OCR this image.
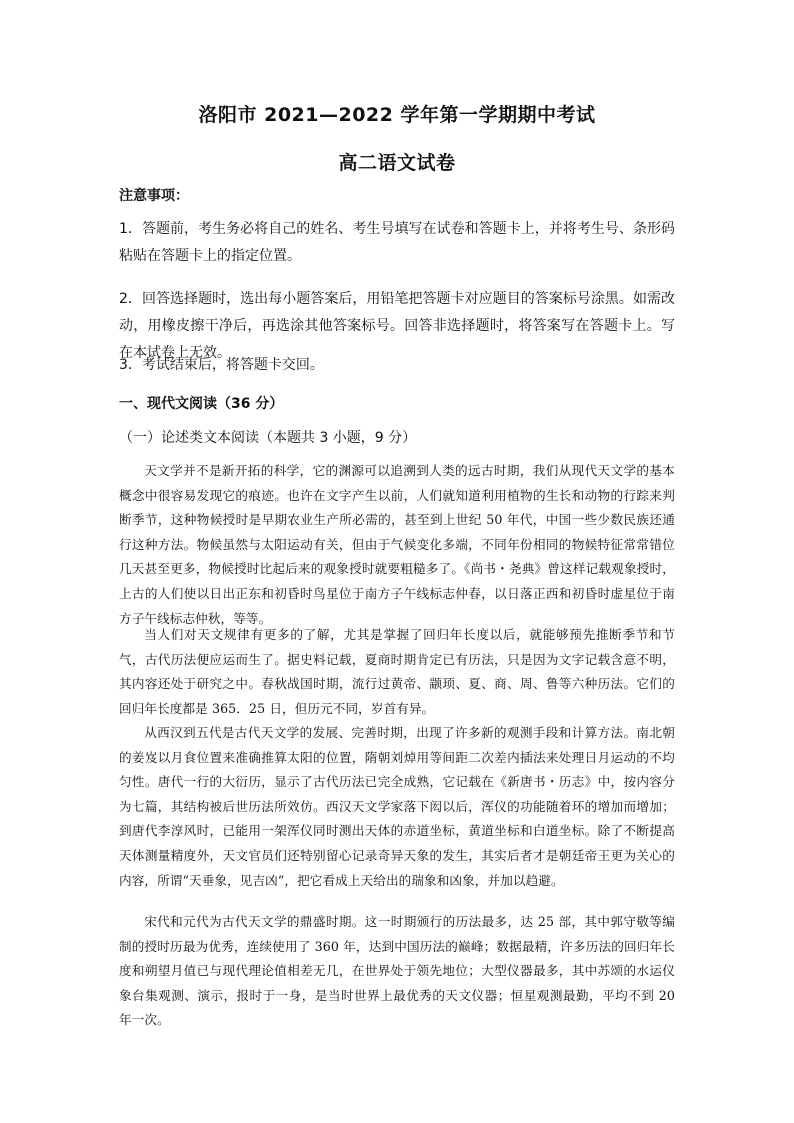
洛阳市 2021—2022 学年第一学期期中考试
高二语文试卷
注意事项：
1．答题前，考生务必将自己的姓名、考生号填写在试卷和答题卡上，并将考生号、条形码粘贴在答题卡上的指定位置。
2．回答选择题时，选出每小题答案后，用铅笔把答题卡对应题目的答案标号涂黑。如需改动，用橡皮擦干净后，再选涂其他答案标号。回答非选择题时，将答案写在答题卡上。写在本试卷上无效。
3．考试结束后，将答题卡交回。
一、现代文阅读（36 分）
（一）论述类文本阅读（本题共 3 小题，9 分）
天文学并不是新开拓的科学，它的渊源可以追溯到人类的远古时期，我们从现代天文学的基本概念中很容易发现它的痕迹。也许在文字产生以前，人们就知道利用植物的生长和动物的行踪来判断季节，这种物候授时是早期农业生产所必需的，甚至到上世纪 50 年代，中国一些少数民族还通行这种方法。物候虽然与太阳运动有关，但由于气候变化多端，不同年份相同的物候特征常常错位几天甚至更多，物候授时比起后来的观象授时就要粗糙多了。《尚书・尧典》曾这样记载观象授时，上古的人们使以日出正东和初昏时鸟星位于南方子午线标志仲春，以日落正西和初昏时虚星位于南方子午线标志仲秋，等等。
当人们对天文规律有更多的了解，尤其是掌握了回归年长度以后，就能够预先推断季节和节气，古代历法便应运而生了。据史料记载，夏商时期肯定已有历法，只是因为文字记载含意不明，其内容还处于研究之中。春秋战国时期，流行过黄帝、颛顼、夏、商、周、鲁等六种历法。它们的回归年长度都是 365．25 日，但历元不同，岁首有异。
从西汉到五代是古代天文学的发展、完善时期，出现了许多新的观测手段和计算方法。南北朝的姜岌以月食位置来准确推算太阳的位置，隋朝刘焯用等间距二次差内插法来处理日月运动的不均匀性。唐代一行的大衍历，显示了古代历法已完全成熟，它记载在《新唐书・历志》中，按内容分为七篇，其结构被后世历法所效仿。西汉天文学家落下闳以后，浑仪的功能随着环的增加而增加；到唐代李淳风时，已能用一架浑仪同时测出天体的赤道坐标，黄道坐标和白道坐标。除了不断提高天体测量精度外，天文官员们还特别留心记录奇异天象的发生，其实后者才是朝廷帝王更为关心的内容，所谓“天垂象，见吉凶”，把它看成上天给出的瑞象和凶象，并加以趋避。
宋代和元代为古代天文学的鼎盛时期。这一时期颁行的历法最多，达 25 部，其中郭守敬等编制的授时历最为优秀，连续使用了 360 年，达到中国历法的巅峰；数据最精，许多历法的回归年长度和朔望月值已与现代理论值相差无几，在世界处于领先地位；大型仪器最多，其中苏颂的水运仪象台集观测、演示，报时于一身，是当时世界上最优秀的天文仪器；恒星观测最勤，平均不到 20 年一次。
